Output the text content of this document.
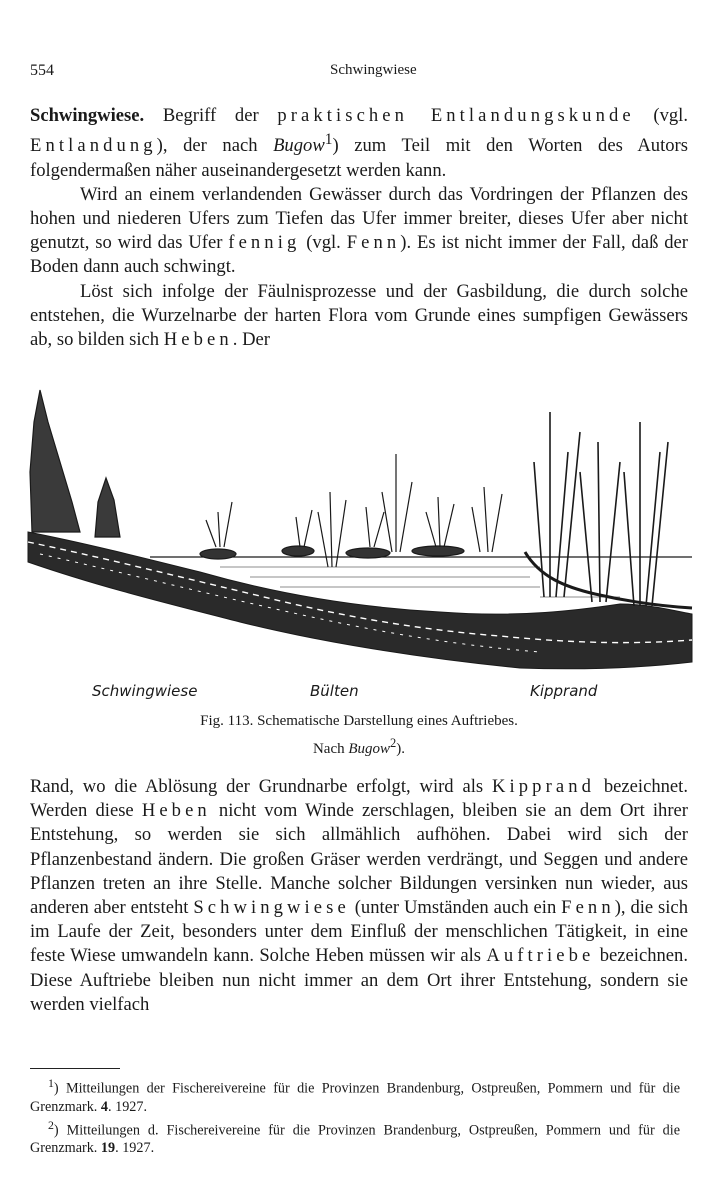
554	Schwingwiese

Schwingwiese. Begriff der praktischen Entlandungskunde (vgl. Entlandung), der nach Bugow$^1$) zum Teil mit den Worten des Autors folgendermaßen näher auseinandergesetzt werden kann.

Wird an einem verlandenden Gewässer durch das Vordringen der Pflanzen des hohen und niederen Ufers zum Tiefen das Ufer immer breiter, dieses Ufer aber nicht genutzt, so wird das Ufer fennig (vgl. Fenn). Es ist nicht immer der Fall, daß der Boden dann auch schwingt.

Löst sich infolge der Fäulnisprozesse und der Gasbildung, die durch solche entstehen, die Wurzelnarbe der harten Flora vom Grunde eines sumpfigen Gewässers ab, so bilden sich Heben. Der

Schwingwiese	Bülten	Kipprand
Fig. 113. Schematische Darstellung eines Auftriebes.
Nach Bugow$^2$).

Rand, wo die Ablösung der Grundnarbe erfolgt, wird als Kipprand bezeichnet. Werden diese Heben nicht vom Winde zerschlagen, bleiben sie an dem Ort ihrer Entstehung, so werden sie sich allmählich aufhöhen. Dabei wird sich der Pflanzenbestand ändern. Die großen Gräser werden verdrängt, und Seggen und andere Pflanzen treten an ihre Stelle. Manche solcher Bildungen versinken nun wieder, aus anderen aber entsteht Schwingwiese (unter Umständen auch ein Fenn), die sich im Laufe der Zeit, besonders unter dem Einfluß der menschlichen Tätigkeit, in eine feste Wiese umwandeln kann. Solche Heben müssen wir als Auftriebe bezeichnen. Diese Auftriebe bleiben nun nicht immer an dem Ort ihrer Entstehung, sondern sie werden vielfach

$^1$) Mitteilungen der Fischereivereine für die Provinzen Brandenburg, Ostpreußen, Pommern und für die Grenzmark. 4. 1927.

$^2$) Mitteilungen d. Fischereivereine für die Provinzen Brandenburg, Ostpreußen, Pommern und für die Grenzmark. 19. 1927.
